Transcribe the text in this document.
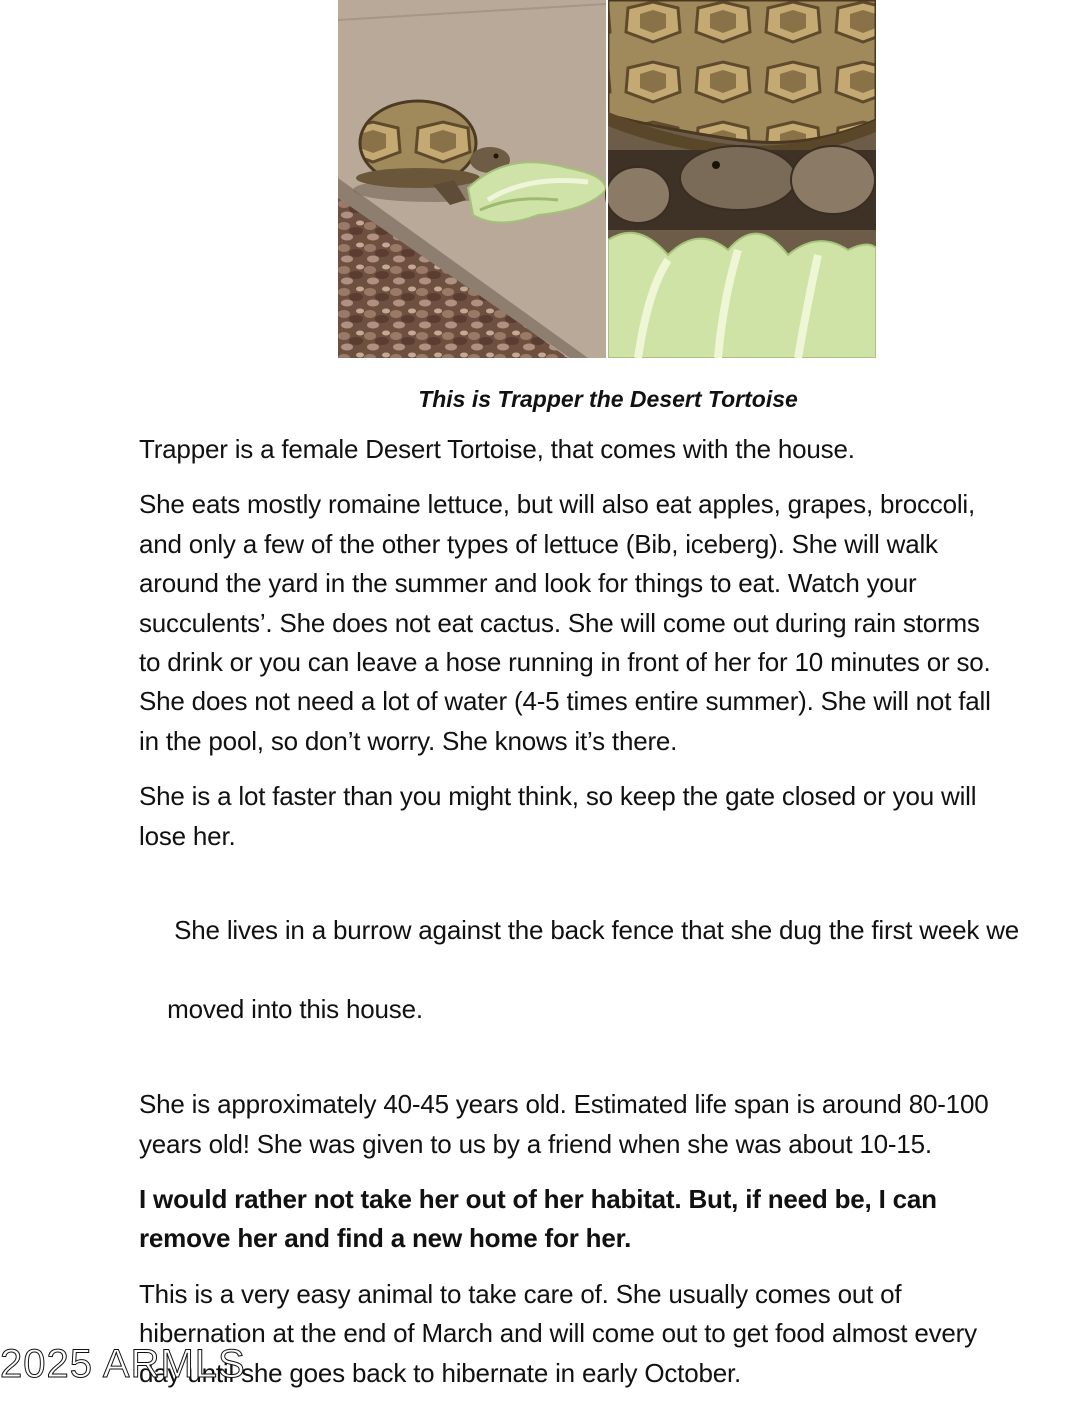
This is Trapper the Desert Tortoise

Trapper is a female Desert Tortoise, that comes with the house.

She eats mostly romaine lettuce, but will also eat apples, grapes, broccoli,
and only a few of the other types of lettuce (Bib, iceberg). She will walk
around the yard in the summer and look for things to eat. Watch your
succulents’. She does not eat cactus. She will come out during rain storms
to drink or you can leave a hose running in front of her for 10 minutes or so.
She does not need a lot of water (4-5 times entire summer). She will not fall
in the pool, so don’t worry. She knows it’s there.

She is a lot faster than you might think, so keep the gate closed or you will
lose her.

She lives in a burrow against the back fence that she dug the first week we

moved into this house.

She is approximately 40-45 years old. Estimated life span is around 80-100
years old! She was given to us by a friend when she was about 10-15.

I would rather not take her out of her habitat. But, if need be, I can
remove her and find a new home for her.

This is a very easy animal to take care of. She usually comes out of
hibernation at the end of March and will come out to get food almost every
day until she goes back to hibernate in early October.

2025 ARMLS
